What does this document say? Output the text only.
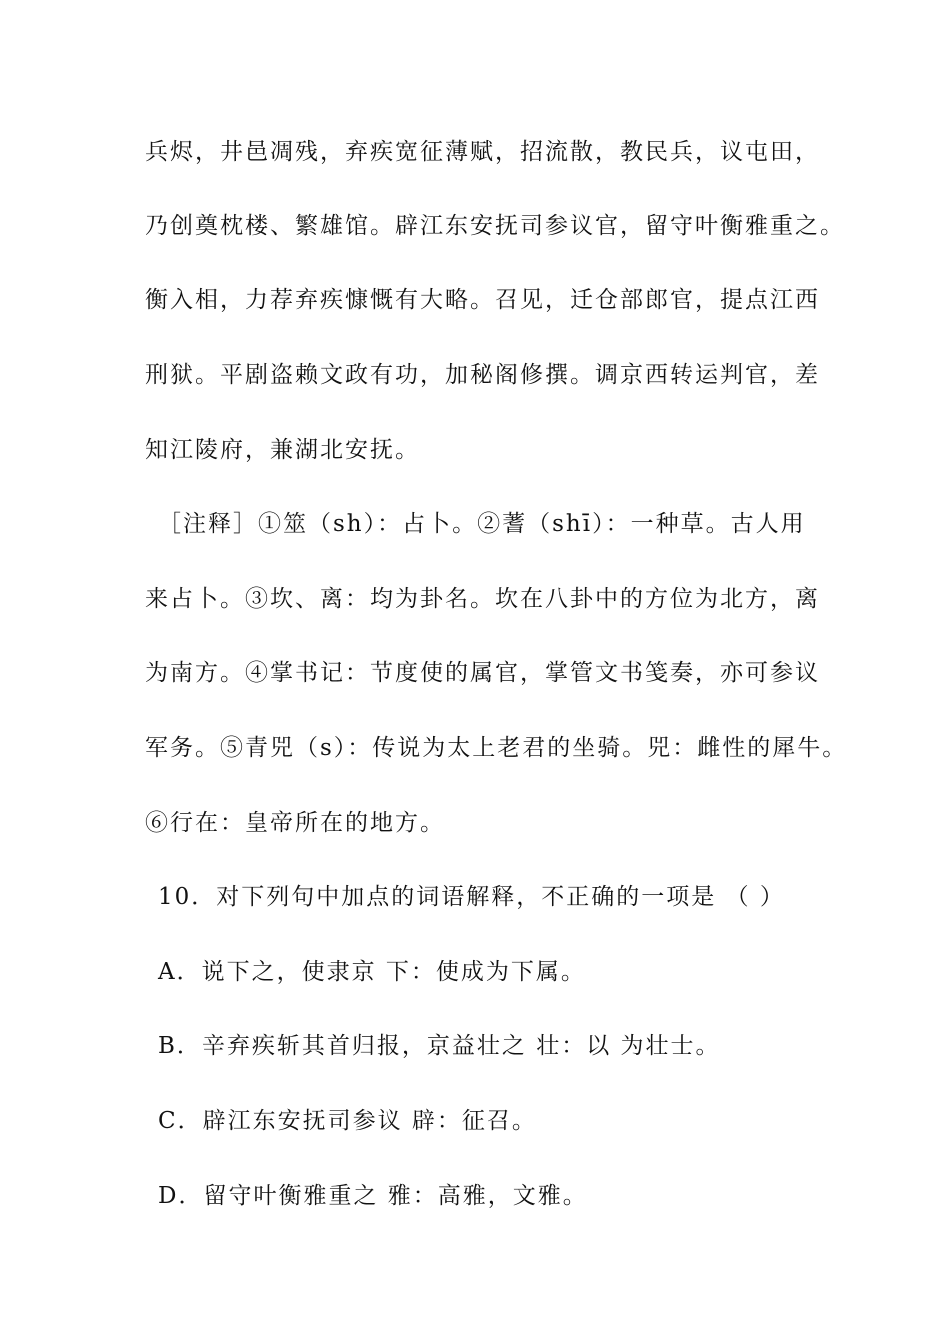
兵烬，井邑凋残，弃疾宽征薄赋，招流散，教民兵，议屯田，
乃创奠枕楼、繁雄馆。辟江东安抚司参议官，留守叶衡雅重之。
衡入相，力荐弃疾慷慨有大略。召见，迁仓部郎官，提点江西
刑狱。平剧盗赖文政有功，加秘阁修撰。调京西转运判官，差
知江陵府，兼湖北安抚。
［注释］①筮（sh）：占卜。②蓍（shī）：一种草。古人用
来占卜。③坎、离：均为卦名。坎在八卦中的方位为北方，离
为南方。④掌书记：节度使的属官，掌管文书笺奏，亦可参议
军务。⑤青兕（s）：传说为太上老君的坐骑。兕：雌性的犀牛。
⑥行在：皇帝所在的地方。
10．对下列句中加点的词语解释，不正确的一项是 （ ）
A．说下之，使隶京 下：使成为下属。
B．辛弃疾斩其首归报，京益壮之 壮：以 为壮士。
C．辟江东安抚司参议 辟：征召。
D．留守叶衡雅重之 雅：高雅，文雅。
